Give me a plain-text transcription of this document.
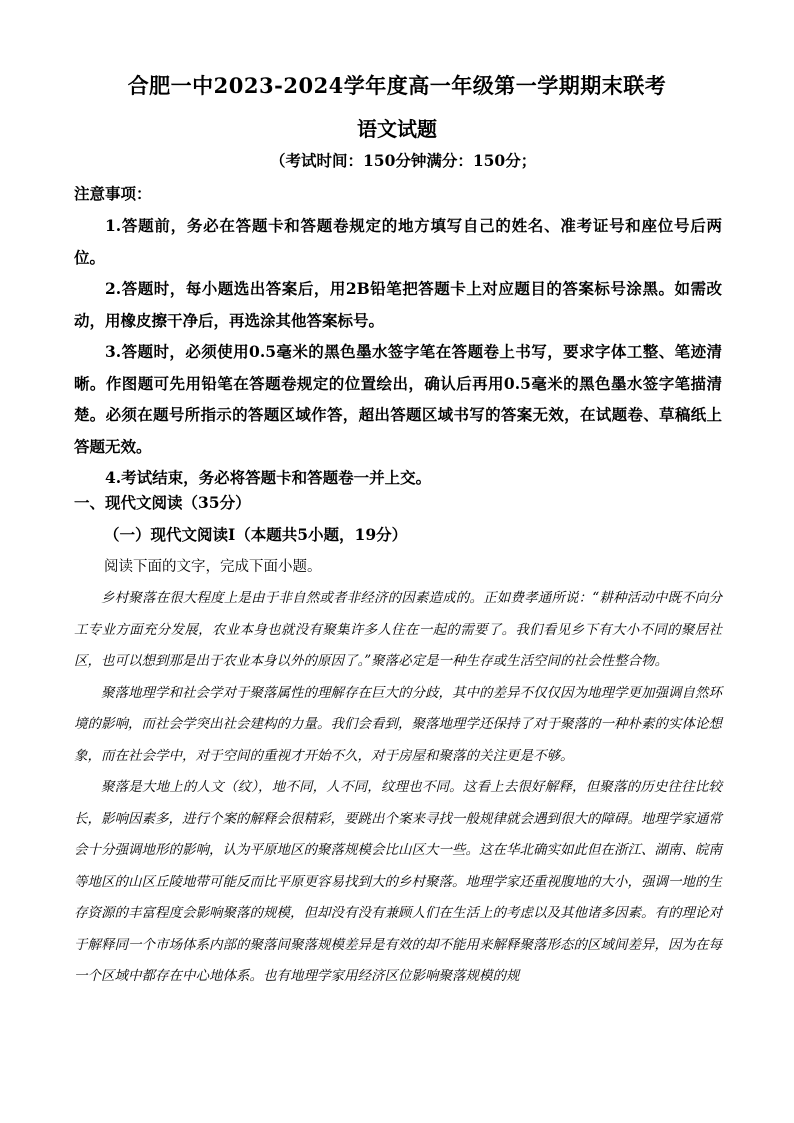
合肥一中2023-2024学年度高一年级第一学期期末联考
语文试题
（考试时间：150分钟满分：150分；
注意事项：

1.答题前，务必在答题卡和答题卷规定的地方填写自己的姓名、准考证号和座位号后两位。

2.答题时，每小题选出答案后，用2B铅笔把答题卡上对应题目的答案标号涂黑。如需改动，用橡皮擦干净后，再选涂其他答案标号。

3.答题时，必须使用0.5毫米的黑色墨水签字笔在答题卷上书写，要求字体工整、笔迹清晰。作图题可先用铅笔在答题卷规定的位置绘出，确认后再用0.5毫米的黑色墨水签字笔描清楚。必须在题号所指示的答题区域作答，超出答题区域书写的答案无效，在试题卷、草稿纸上答题无效。

4.考试结束，务必将答题卡和答题卷一并上交。

一、现代文阅读（35分）
（一）现代文阅读Ⅰ（本题共5小题，19分）
阅读下面的文字，完成下面小题。

乡村聚落在很大程度上是由于非自然或者非经济的因素造成的。正如费孝通所说：“耕种活动中既不向分工专业方面充分发展，农业本身也就没有聚集许多人住在一起的需要了。我们看见乡下有大小不同的聚居社区，也可以想到那是出于农业本身以外的原因了。”聚落必定是一种生存或生活空间的社会性整合物。

聚落地理学和社会学对于聚落属性的理解存在巨大的分歧，其中的差异不仅仅因为地理学更加强调自然环境的影响，而社会学突出社会建构的力量。我们会看到，聚落地理学还保持了对于聚落的一种朴素的实体论想象，而在社会学中，对于空间的重视才开始不久，对于房屋和聚落的关注更是不够。

聚落是大地上的人文（纹），地不同，人不同，纹理也不同。这看上去很好解释，但聚落的历史往往比较长，影响因素多，进行个案的解释会很精彩，要跳出个案来寻找一般规律就会遇到很大的障碍。地理学家通常会十分强调地形的影响，认为平原地区的聚落规模会比山区大一些。这在华北确实如此但在浙江、湖南、皖南等地区的山区丘陵地带可能反而比平原更容易找到大的乡村聚落。地理学家还重视腹地的大小，强调一地的生存资源的丰富程度会影响聚落的规模，但却没有没有兼顾人们在生活上的考虑以及其他诸多因素。有的理论对于解释同一个市场体系内部的聚落间聚落规模差异是有效的却不能用来解释聚落形态的区域间差异，因为在每一个区域中都存在中心地体系。也有地理学家用经济区位影响聚落规模的规
